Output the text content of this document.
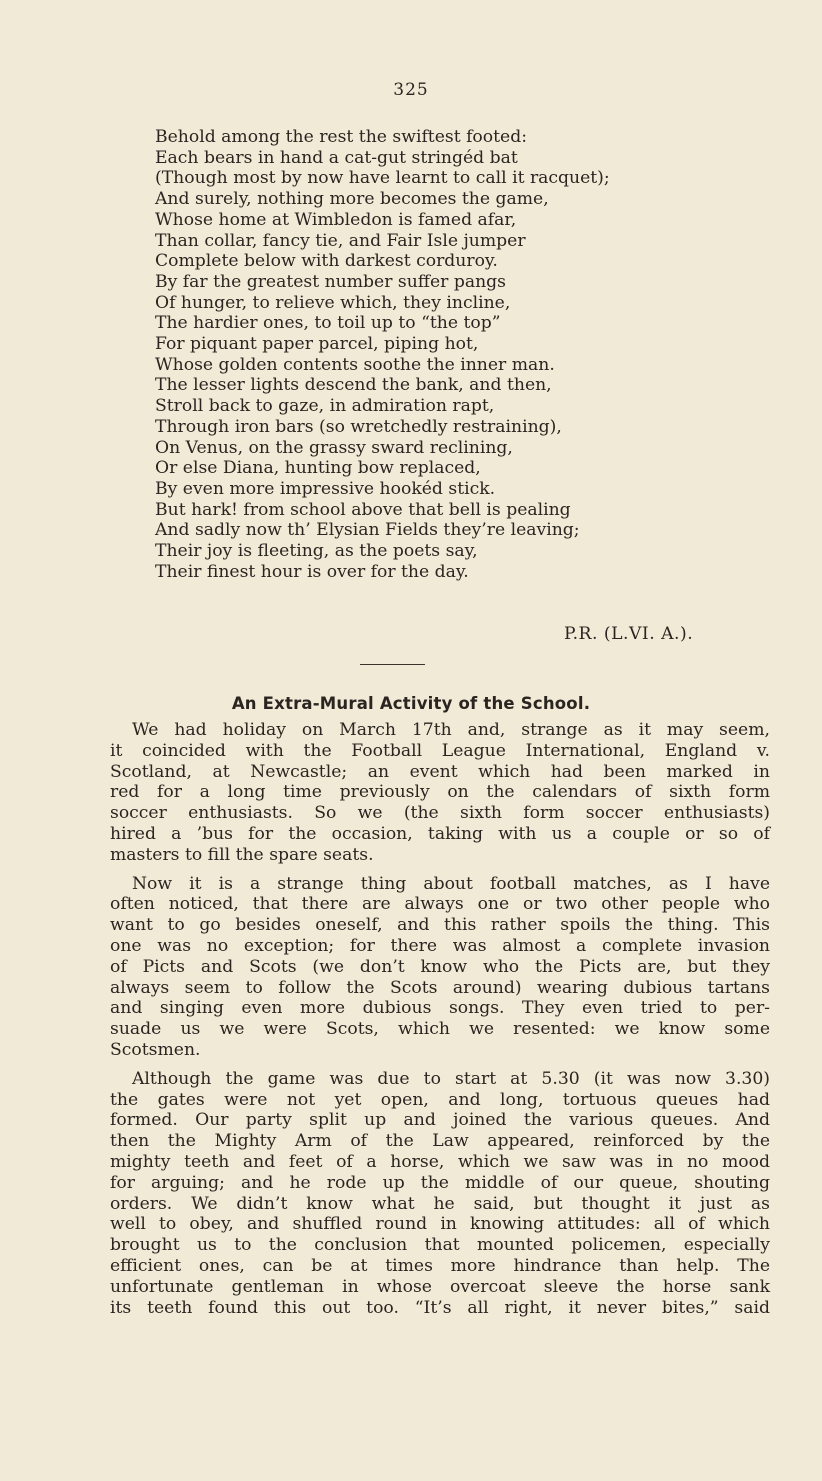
325
Behold among the rest the swiftest footed:
Each bears in hand a cat-gut stringéd bat
(Though most by now have learnt to call it racquet);
And surely, nothing more becomes the game,
Whose home at Wimbledon is famed afar,
Than collar, fancy tie, and Fair Isle jumper
Complete below with darkest corduroy.
By far the greatest number suffer pangs
Of hunger, to relieve which, they incline,
The hardier ones, to toil up to “the top”
For piquant paper parcel, piping hot,
Whose golden contents soothe the inner man.
The lesser lights descend the bank, and then,
Stroll back to gaze, in admiration rapt,
Through iron bars (so wretchedly restraining),
On Venus, on the grassy sward reclining,
Or else Diana, hunting bow replaced,
By even more impressive hookéd stick.
But hark! from school above that bell is pealing
And sadly now th’ Elysian Fields they’re leaving;
Their joy is fleeting, as the poets say,
Their finest hour is over for the day.
P.R. (L.VI. A.).
An Extra-Mural Activity of the School.
We had holiday on March 17th and, strange as it may seem,
it coincided with the Football League International, England v.
Scotland, at Newcastle; an event which had been marked in
red for a long time previously on the calendars of sixth form
soccer enthusiasts. So we (the sixth form soccer enthusiasts)
hired a ’bus for the occasion, taking with us a couple or so of
masters to fill the spare seats.
Now it is a strange thing about football matches, as I have
often noticed, that there are always one or two other people who
want to go besides oneself, and this rather spoils the thing. This
one was no exception; for there was almost a complete invasion
of Picts and Scots (we don’t know who the Picts are, but they
always seem to follow the Scots around) wearing dubious tartans
and singing even more dubious songs. They even tried to per-
suade us we were Scots, which we resented: we know some
Scotsmen.
Although the game was due to start at 5.30 (it was now 3.30)
the gates were not yet open, and long, tortuous queues had
formed. Our party split up and joined the various queues. And
then the Mighty Arm of the Law appeared, reinforced by the
mighty teeth and feet of a horse, which we saw was in no mood
for arguing; and he rode up the middle of our queue, shouting
orders. We didn’t know what he said, but thought it just as
well to obey, and shuffled round in knowing attitudes: all of which
brought us to the conclusion that mounted policemen, especially
efficient ones, can be at times more hindrance than help. The
unfortunate gentleman in whose overcoat sleeve the horse sank
its teeth found this out too. “It’s all right, it never bites,” said
